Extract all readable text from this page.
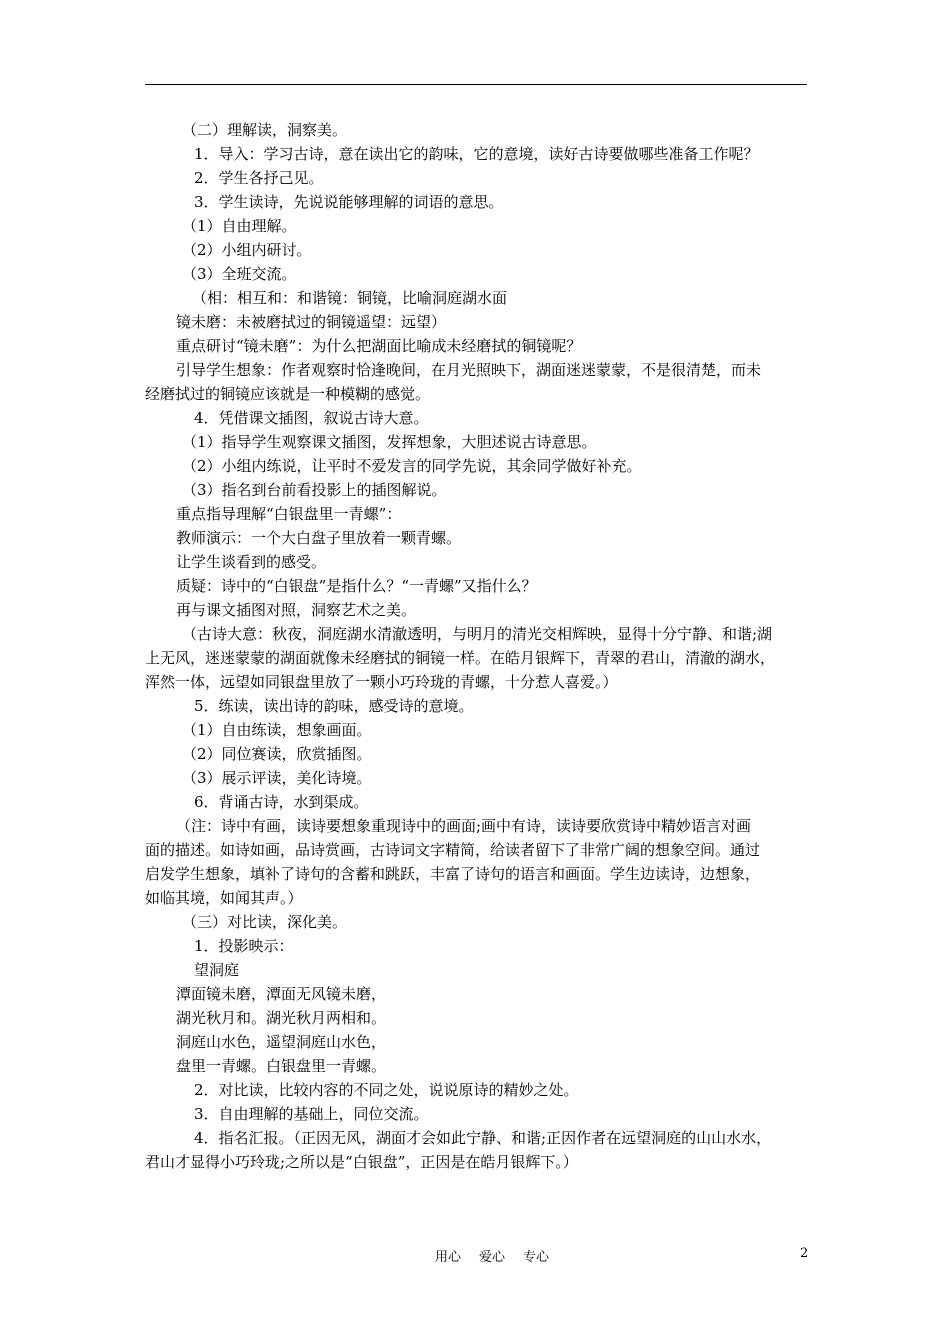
（二）理解读，洞察美。
1．导入：学习古诗，意在读出它的韵味，它的意境，读好古诗要做哪些准备工作呢？
2．学生各抒己见。
3．学生读诗，先说说能够理解的词语的意思。
（1）自由理解。
（2）小组内研讨。
（3）全班交流。
（相：相互和：和谐镜：铜镜，比喻洞庭湖水面
镜未磨：未被磨拭过的铜镜遥望：远望）
重点研讨“镜未磨”：为什么把湖面比喻成未经磨拭的铜镜呢？
引导学生想象：作者观察时恰逢晚间，在月光照映下，湖面迷迷蒙蒙，不是很清楚，而未
经磨拭过的铜镜应该就是一种模糊的感觉。
4．凭借课文插图，叙说古诗大意。
（1）指导学生观察课文插图，发挥想象，大胆述说古诗意思。
（2）小组内练说，让平时不爱发言的同学先说，其余同学做好补充。
（3）指名到台前看投影上的插图解说。
重点指导理解“白银盘里一青螺”：
教师演示：一个大白盘子里放着一颗青螺。
让学生谈看到的感受。
质疑：诗中的“白银盘”是指什么？“一青螺”又指什么？
再与课文插图对照，洞察艺术之美。
（古诗大意：秋夜，洞庭湖水清澈透明，与明月的清光交相辉映，显得十分宁静、和谐;湖
上无风，迷迷蒙蒙的湖面就像未经磨拭的铜镜一样。在皓月银辉下，青翠的君山，清澈的湖水，
浑然一体，远望如同银盘里放了一颗小巧玲珑的青螺，十分惹人喜爱。）
5．练读，读出诗的韵味，感受诗的意境。
（1）自由练读，想象画面。
（2）同位赛读，欣赏插图。
（3）展示评读，美化诗境。
6．背诵古诗，水到渠成。
（注：诗中有画，读诗要想象重现诗中的画面;画中有诗，读诗要欣赏诗中精妙语言对画
面的描述。如诗如画，品诗赏画，古诗词文字精简，给读者留下了非常广阔的想象空间。通过
启发学生想象，填补了诗句的含蓄和跳跃，丰富了诗句的语言和画面。学生边读诗，边想象，
如临其境，如闻其声。）
（三）对比读，深化美。
1．投影映示：
望洞庭
潭面镜未磨，潭面无风镜未磨，
湖光秋月和。湖光秋月两相和。
洞庭山水色，遥望洞庭山水色，
盘里一青螺。白银盘里一青螺。
2．对比读，比较内容的不同之处，说说原诗的精妙之处。
3．自由理解的基础上，同位交流。
4．指名汇报。（正因无风，湖面才会如此宁静、和谐;正因作者在远望洞庭的山山水水，
君山才显得小巧玲珑;之所以是“白银盘”，正因是在皓月银辉下。）
用心 爱心 专心	2
